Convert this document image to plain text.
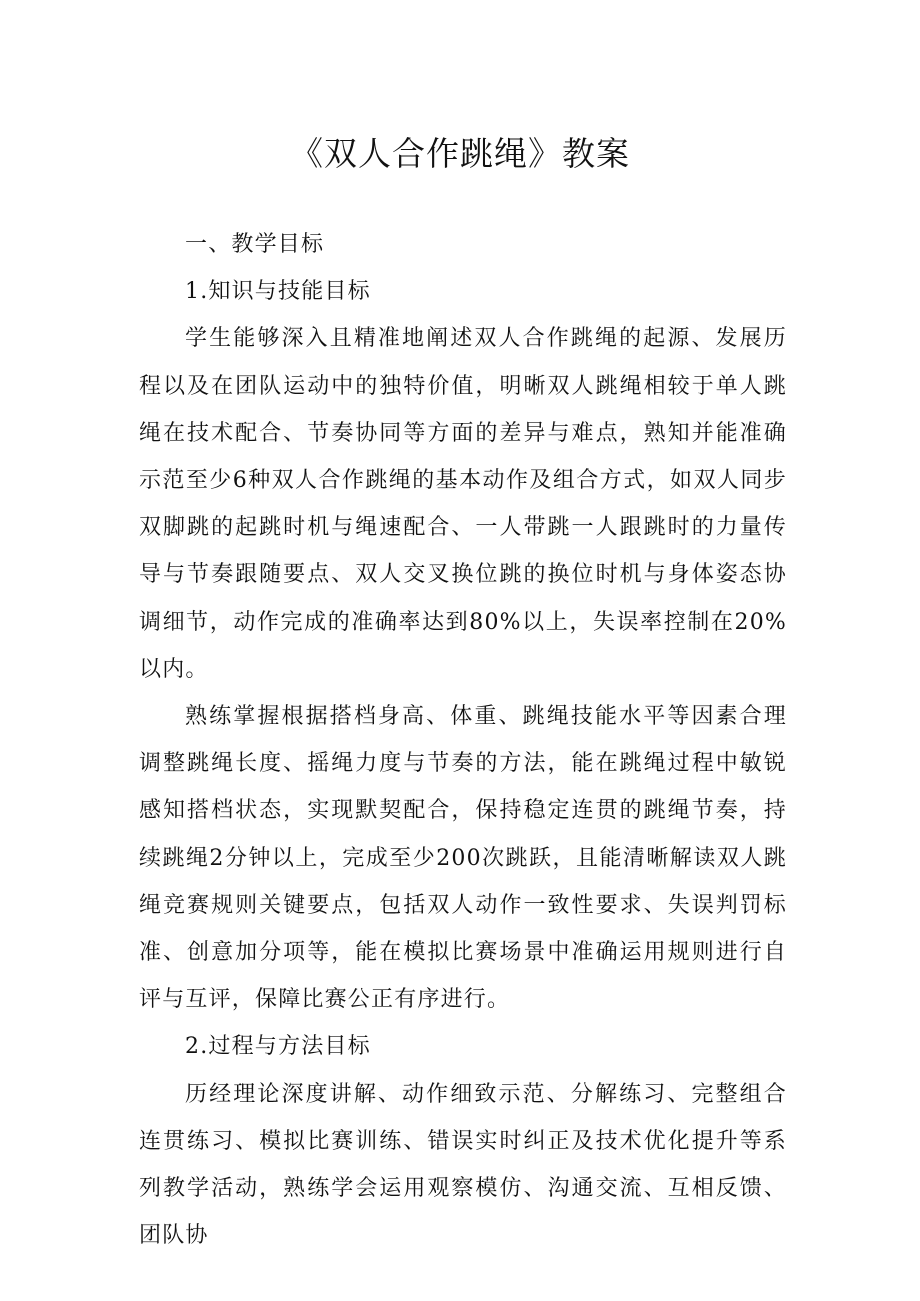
《双人合作跳绳》教案

一、教学目标

1.知识与技能目标

学生能够深入且精准地阐述双人合作跳绳的起源、发展历程以及在团队运动中的独特价值，明晰双人跳绳相较于单人跳绳在技术配合、节奏协同等方面的差异与难点，熟知并能准确示范至少6种双人合作跳绳的基本动作及组合方式，如双人同步双脚跳的起跳时机与绳速配合、一人带跳一人跟跳时的力量传导与节奏跟随要点、双人交叉换位跳的换位时机与身体姿态协调细节，动作完成的准确率达到80%以上，失误率控制在20%以内。

熟练掌握根据搭档身高、体重、跳绳技能水平等因素合理调整跳绳长度、摇绳力度与节奏的方法，能在跳绳过程中敏锐感知搭档状态，实现默契配合，保持稳定连贯的跳绳节奏，持续跳绳2分钟以上，完成至少200次跳跃，且能清晰解读双人跳绳竞赛规则关键要点，包括双人动作一致性要求、失误判罚标准、创意加分项等，能在模拟比赛场景中准确运用规则进行自评与互评，保障比赛公正有序进行。

2.过程与方法目标

历经理论深度讲解、动作细致示范、分解练习、完整组合连贯练习、模拟比赛训练、错误实时纠正及技术优化提升等系列教学活动，熟练学会运用观察模仿、沟通交流、互相反馈、团队协
